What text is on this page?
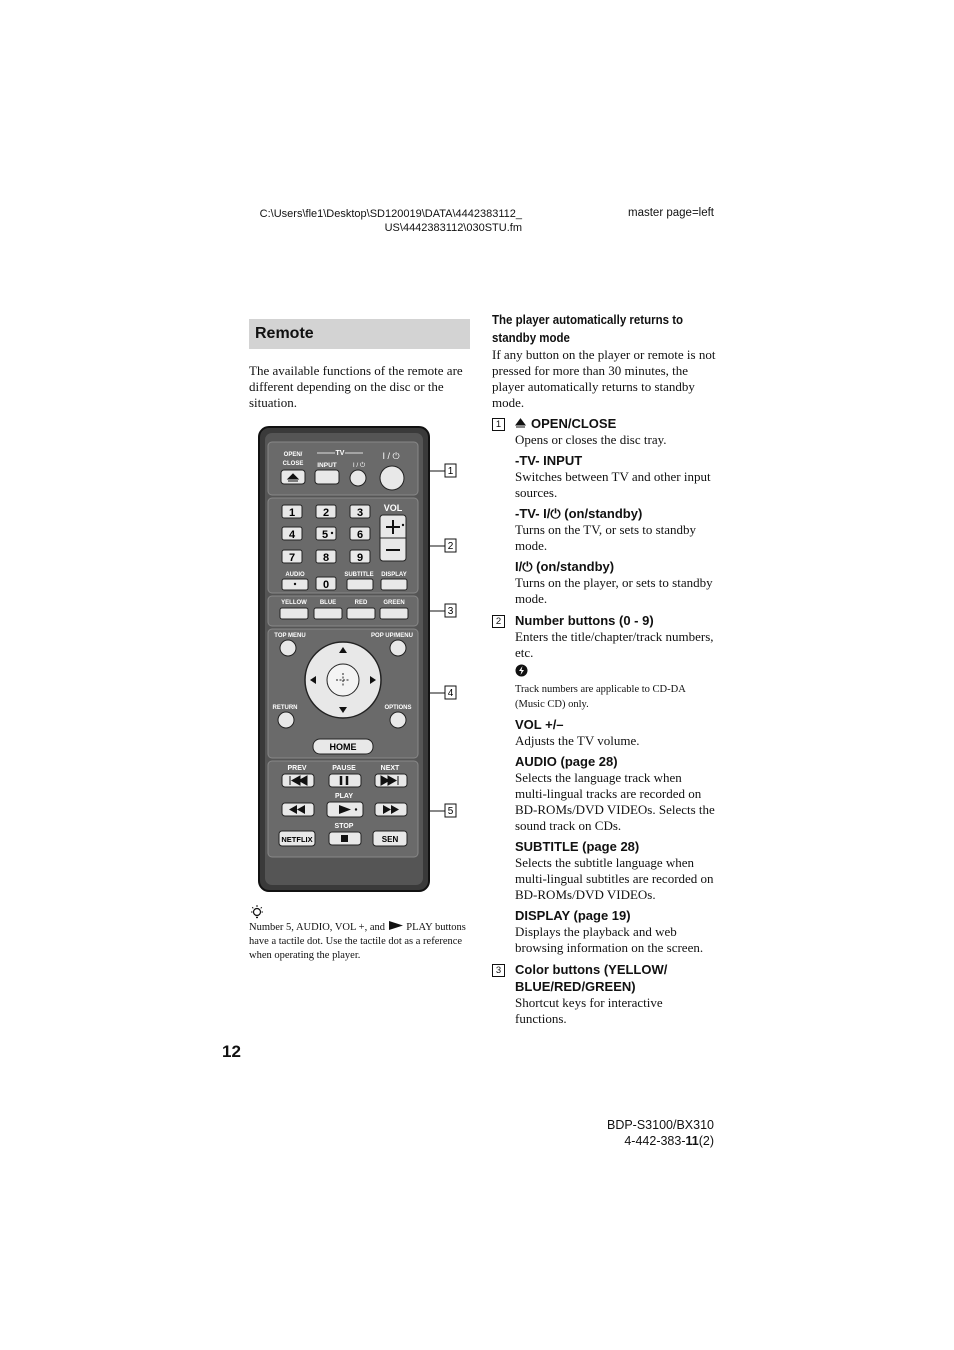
C:\Users\fle1\Desktop\SD120019\DATA\4442383112_
US\4442383112\030STU.fm
master page=left
Remote
The available functions of the remote are different depending on the disc or the situation.
OPEN/
CLOSE
TV
INPUT I / ⏻
I / ⏻
1	2	3
4 5	6
7	8	9
0
VOL
AUDIO	SUBTITLE DISPLAY
YELLOW BLUE	RED	GREEN
TOP MENU	POP UP/MENU
RETURN	OPTIONS
HOME
PREV	PAUSE	NEXT
PLAY
STOP
NETFLIX	SEN
1
2
3
4
5
Number 5, AUDIO, VOL +, and  PLAY buttons have a tactile dot. Use the tactile dot as a reference when operating the player.
12
The player automatically returns to standby mode
If any button on the player or remote is not pressed for more than 30 minutes, the player automatically returns to standby mode.
1	OPEN/CLOSE
Opens or closes the disc tray.
-TV- INPUT
Switches between TV and other input sources.
-TV- I/⏻ (on/standby)
Turns on the TV, or sets to standby mode.
I/⏻ (on/standby)
Turns on the player, or sets to standby mode.
2 Number buttons (0 - 9)
Enters the title/chapter/track numbers, etc.
Track numbers are applicable to CD-DA (Music CD) only.
VOL +/–
Adjusts the TV volume.
AUDIO (page 28)
Selects the language track when multi-lingual tracks are recorded on BD-ROMs/DVD VIDEOs. Selects the sound track on CDs.
SUBTITLE (page 28)
Selects the subtitle language when multi-lingual subtitles are recorded on BD-ROMs/DVD VIDEOs.
DISPLAY (page 19)
Displays the playback and web browsing information on the screen.
3 Color buttons (YELLOW/ BLUE/RED/GREEN)
Shortcut keys for interactive functions.
BDP-S3100/BX310
4-442-383-11(2)
